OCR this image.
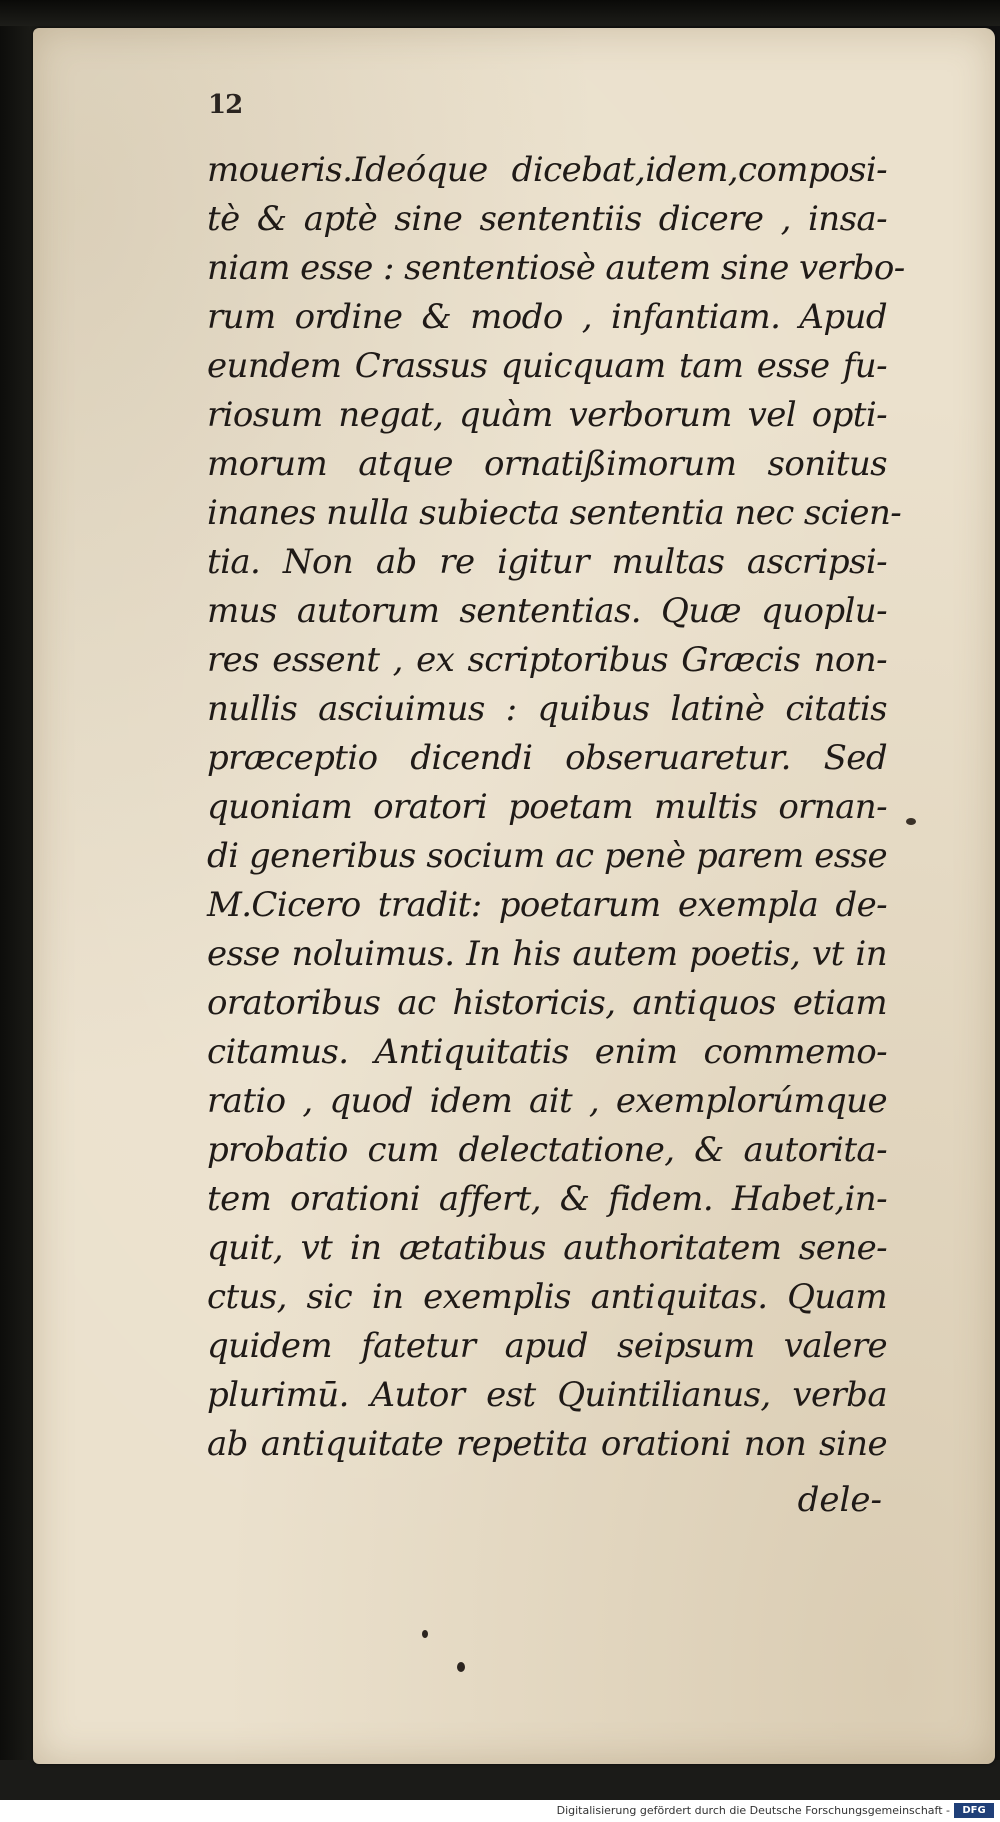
12
moueris.Ideóque dicebat,idem,composi-
tè & aptè sine sententiis dicere , insa-
niam esse : sententiosè autem sine verbo-
rum ordine & modo , infantiam. Apud
eundem Crassus quicquam tam esse fu-
riosum negat, quàm verborum vel opti-
morum atque ornatißimorum sonitus
inanes nulla subiecta sententia nec scien-
tia. Non ab re igitur multas ascripsi-
mus autorum sententias. Quæ quoplu-
res essent , ex scriptoribus Græcis non-
nullis asciuimus : quibus latinè citatis
præceptio dicendi obseruaretur. Sed
quoniam oratori poetam multis ornan-
di generibus socium ac penè parem esse
M.Cicero tradit: poetarum exempla de-
esse noluimus. In his autem poetis, vt in
oratoribus ac historicis, antiquos etiam
citamus. Antiquitatis enim commemo-
ratio , quod idem ait , exemplorúmque
probatio cum delectatione, & autorita-
tem orationi affert, & fidem. Habet,in-
quit, vt in ætatibus authoritatem sene-
ctus, sic in exemplis antiquitas. Quam
quidem fatetur apud seipsum valere
plurimū. Autor est Quintilianus, verba
ab antiquitate repetita orationi non sine
dele-
Digitalisierung gefördert durch die Deutsche Forschungsgemeinschaft -	DFG
